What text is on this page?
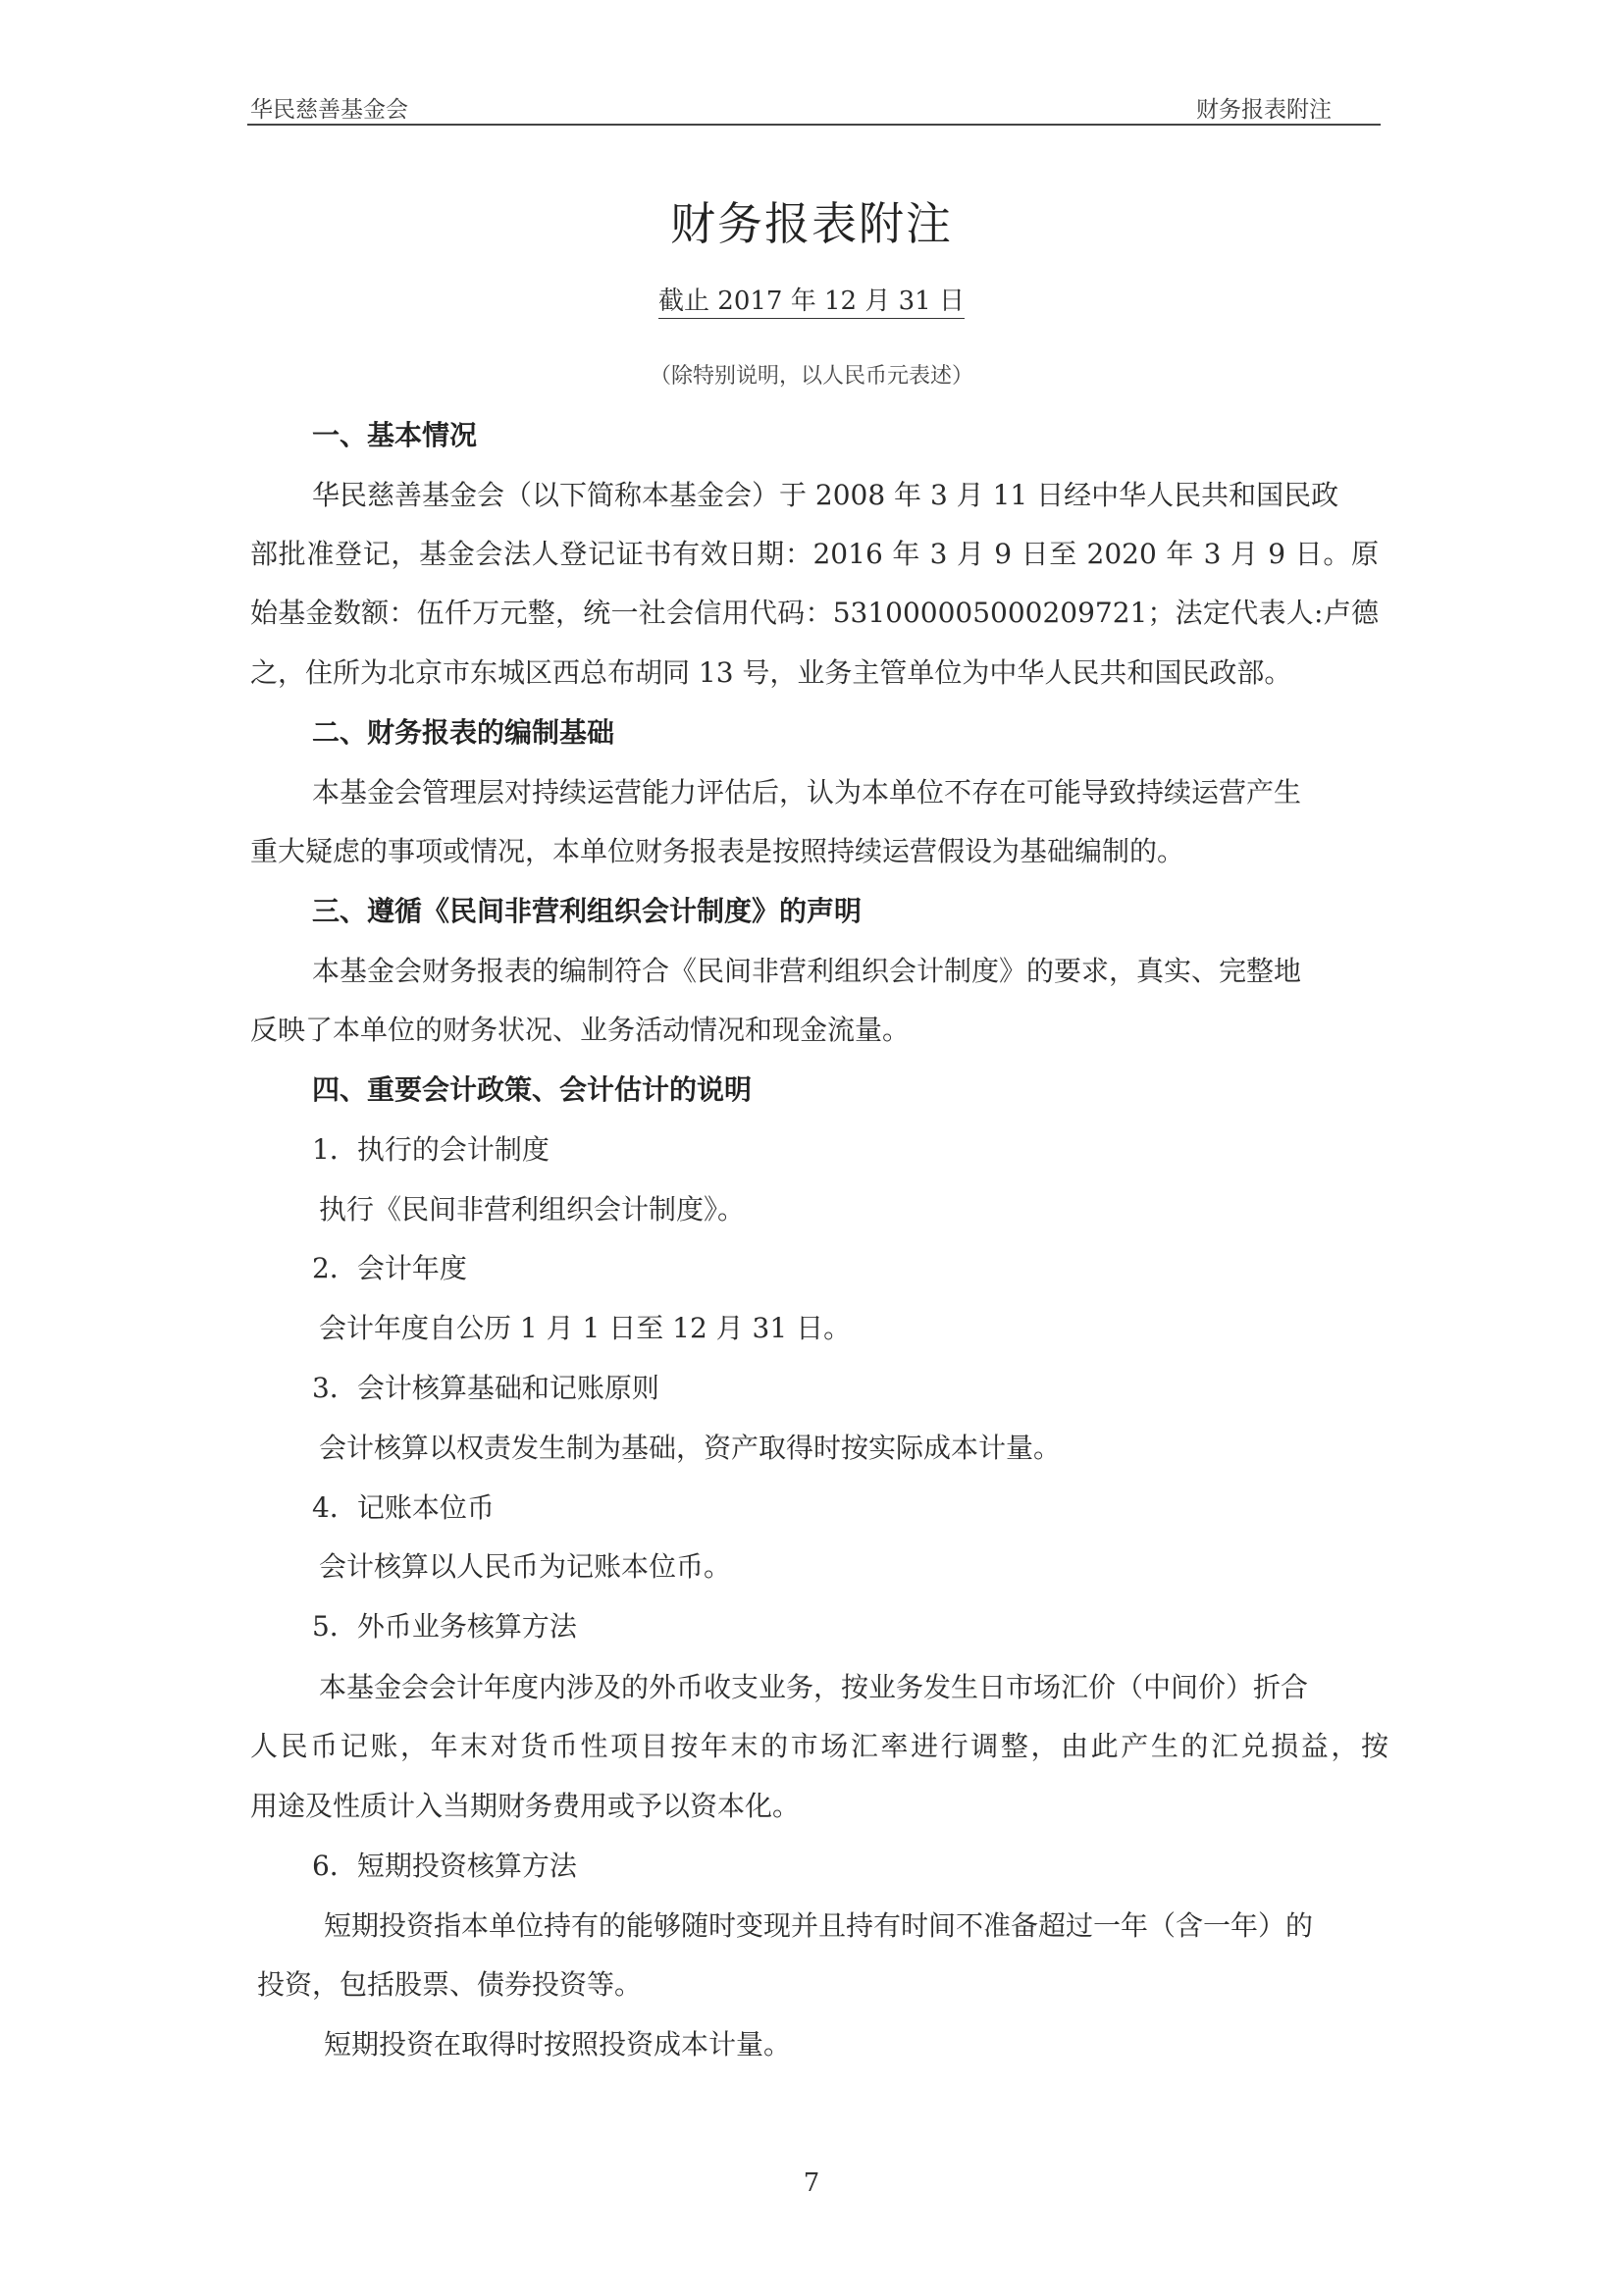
华民慈善基金会	财务报表附注
财务报表附注
截止 2017 年 12 月 31 日
（除特别说明，以人民币元表述）
一、基本情况
华民慈善基金会（以下简称本基金会）于 2008 年 3 月 11 日经中华人民共和国民政
部批准登记，基金会法人登记证书有效日期：2016 年 3 月 9 日至 2020 年 3 月 9 日。原
始基金数额：伍仟万元整，统一社会信用代码：531000005000209721；法定代表人:卢德
之，住所为北京市东城区西总布胡同 13 号，业务主管单位为中华人民共和国民政部。
二、财务报表的编制基础
本基金会管理层对持续运营能力评估后，认为本单位不存在可能导致持续运营产生
重大疑虑的事项或情况，本单位财务报表是按照持续运营假设为基础编制的。
三、遵循《民间非营利组织会计制度》的声明
本基金会财务报表的编制符合《民间非营利组织会计制度》的要求，真实、完整地
反映了本单位的财务状况、业务活动情况和现金流量。
四、重要会计政策、会计估计的说明
1．执行的会计制度
执行《民间非营利组织会计制度》。
2．会计年度
会计年度自公历 1 月 1 日至 12 月 31 日。
3．会计核算基础和记账原则
会计核算以权责发生制为基础，资产取得时按实际成本计量。
4．记账本位币
会计核算以人民币为记账本位币。
5．外币业务核算方法
本基金会会计年度内涉及的外币收支业务，按业务发生日市场汇价（中间价）折合
人民币记账，年末对货币性项目按年末的市场汇率进行调整，由此产生的汇兑损益，按
用途及性质计入当期财务费用或予以资本化。
6．短期投资核算方法
短期投资指本单位持有的能够随时变现并且持有时间不准备超过一年（含一年）的
投资，包括股票、债券投资等。
短期投资在取得时按照投资成本计量。
7
